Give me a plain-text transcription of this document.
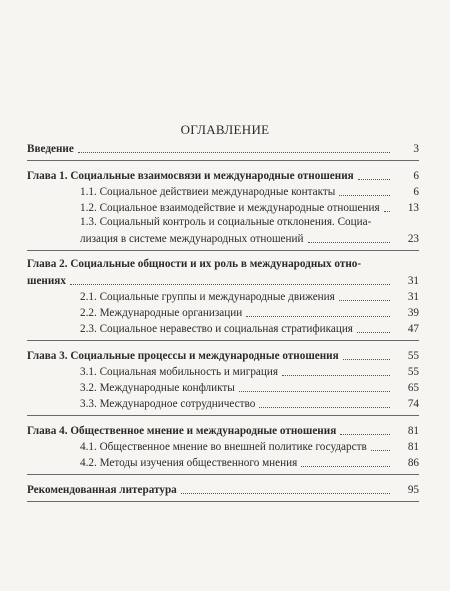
ОГЛАВЛЕНИЕ
Введение	3
Глава 1. Социальные взаимосвязи и международные отношения	6
1.1. Социальное действиеи международные контакты	6
1.2. Социальное взаимодействие и международные отношения	13
1.3. Социальный контроль и социальные отклонения. Социа-
лизация в системе международных отношений	23
Глава 2. Социальные общности и их роль в международных отно-
шениях	31
2.1. Социальные группы и международные движения	31
2.2. Международные организации	39
2.3. Социальное неравество и социальная стратификация	47
Глава 3. Социальные процессы и международные отношения	55
3.1. Социальная мобильность и миграция	55
3.2. Международные конфликты	65
3.3. Международное сотрудничество	74
Глава 4. Общественное мнение и международные отношения	81
4.1. Общественное мнение во внешней политике государств	81
4.2. Методы изучения общественного мнения	86
Рекомендованная литература	95
